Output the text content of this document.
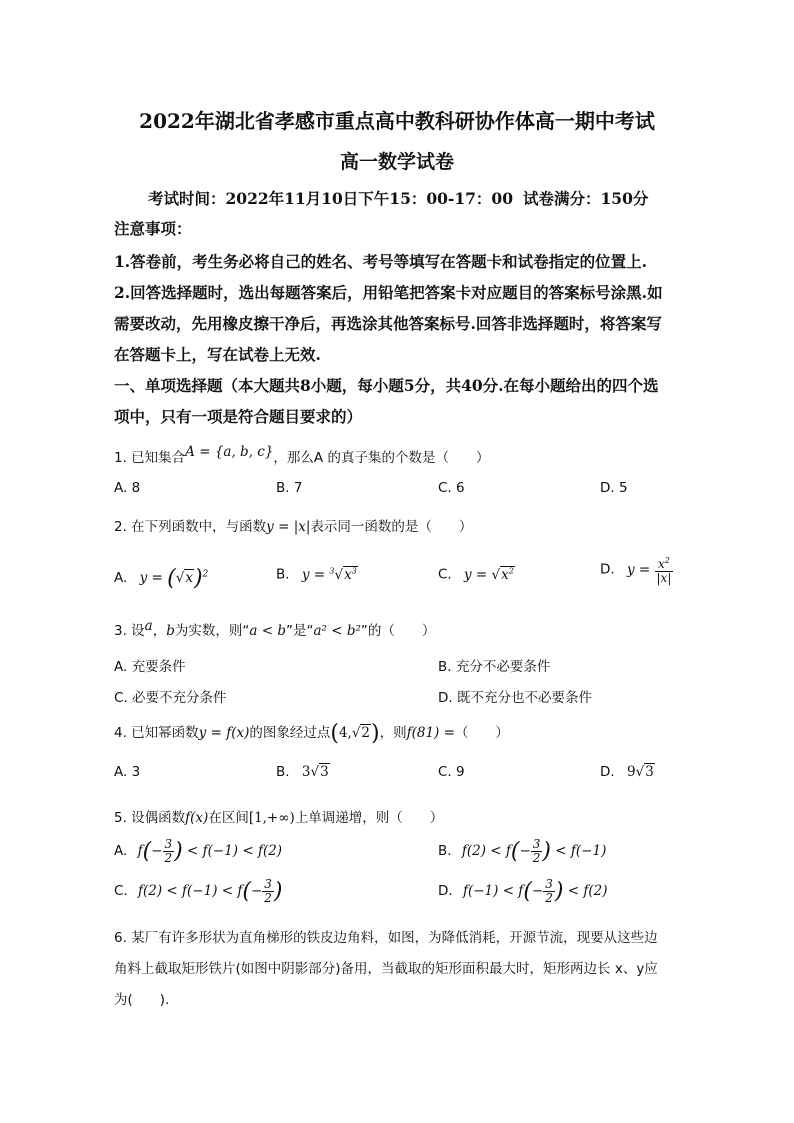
2022年湖北省孝感市重点高中教科研协作体高一期中考试
高一数学试卷
考试时间：2022年11月10日下午15：00-17：00 试卷满分：150分
注意事项：
1.答卷前，考生务必将自己的姓名、考号等填写在答题卡和试卷指定的位置上.
2.回答选择题时，选出每题答案后，用铅笔把答案卡对应题目的答案标号涂黑.如
需要改动，先用橡皮擦干净后，再选涂其他答案标号.回答非选择题时，将答案写
在答题卡上，写在试卷上无效.
一、单项选择题（本大题共8小题，每小题5分，共40分.在每小题给出的四个选
项中，只有一项是符合题目要求的）
1. 已知集合A = {a, b, c}，那么A 的真子集的个数是（　　）
A. 8	B. 7	C. 6	D. 5
2. 在下列函数中，与函数y = |x|表示同一函数的是（　　）
A. $y = (√x)^2$	B. $y = ^3√x^3$	C. $y = √x^2$	D. $y = \frac{x^2}{|x|}$
3. 设a，b为实数，则“a < b”是“a² < b²”的（　　）
A. 充要条件	B. 充分不必要条件
C. 必要不充分条件	D. 既不充分也不必要条件
4. 已知幂函数y = f(x)的图象经过点(4,√2)，则f(81) =（　　）
A. 3	B. 3√3	C. 9	D. 9√3
5. 设偶函数f(x)在区间[1,+∞)上单调递增，则（　　）
A. $f(- \frac{3}{2}$ ) < f(−1) < f(2)	B. $f(2) < f(- \frac{3}{2}$ ) < f(−1)
C. $f(2) < f(-1) < f(- \frac{3}{2}$ )	D. $f(-1) < f(- \frac{3}{2}$ ) < f(2)
6. 某厂有许多形状为直角梯形的铁皮边角料，如图，为降低消耗，开源节流，现要从这些边
角料上截取矩形铁片(如图中阴影部分)备用，当截取的矩形面积最大时，矩形两边长 x、y应
为(　　).
